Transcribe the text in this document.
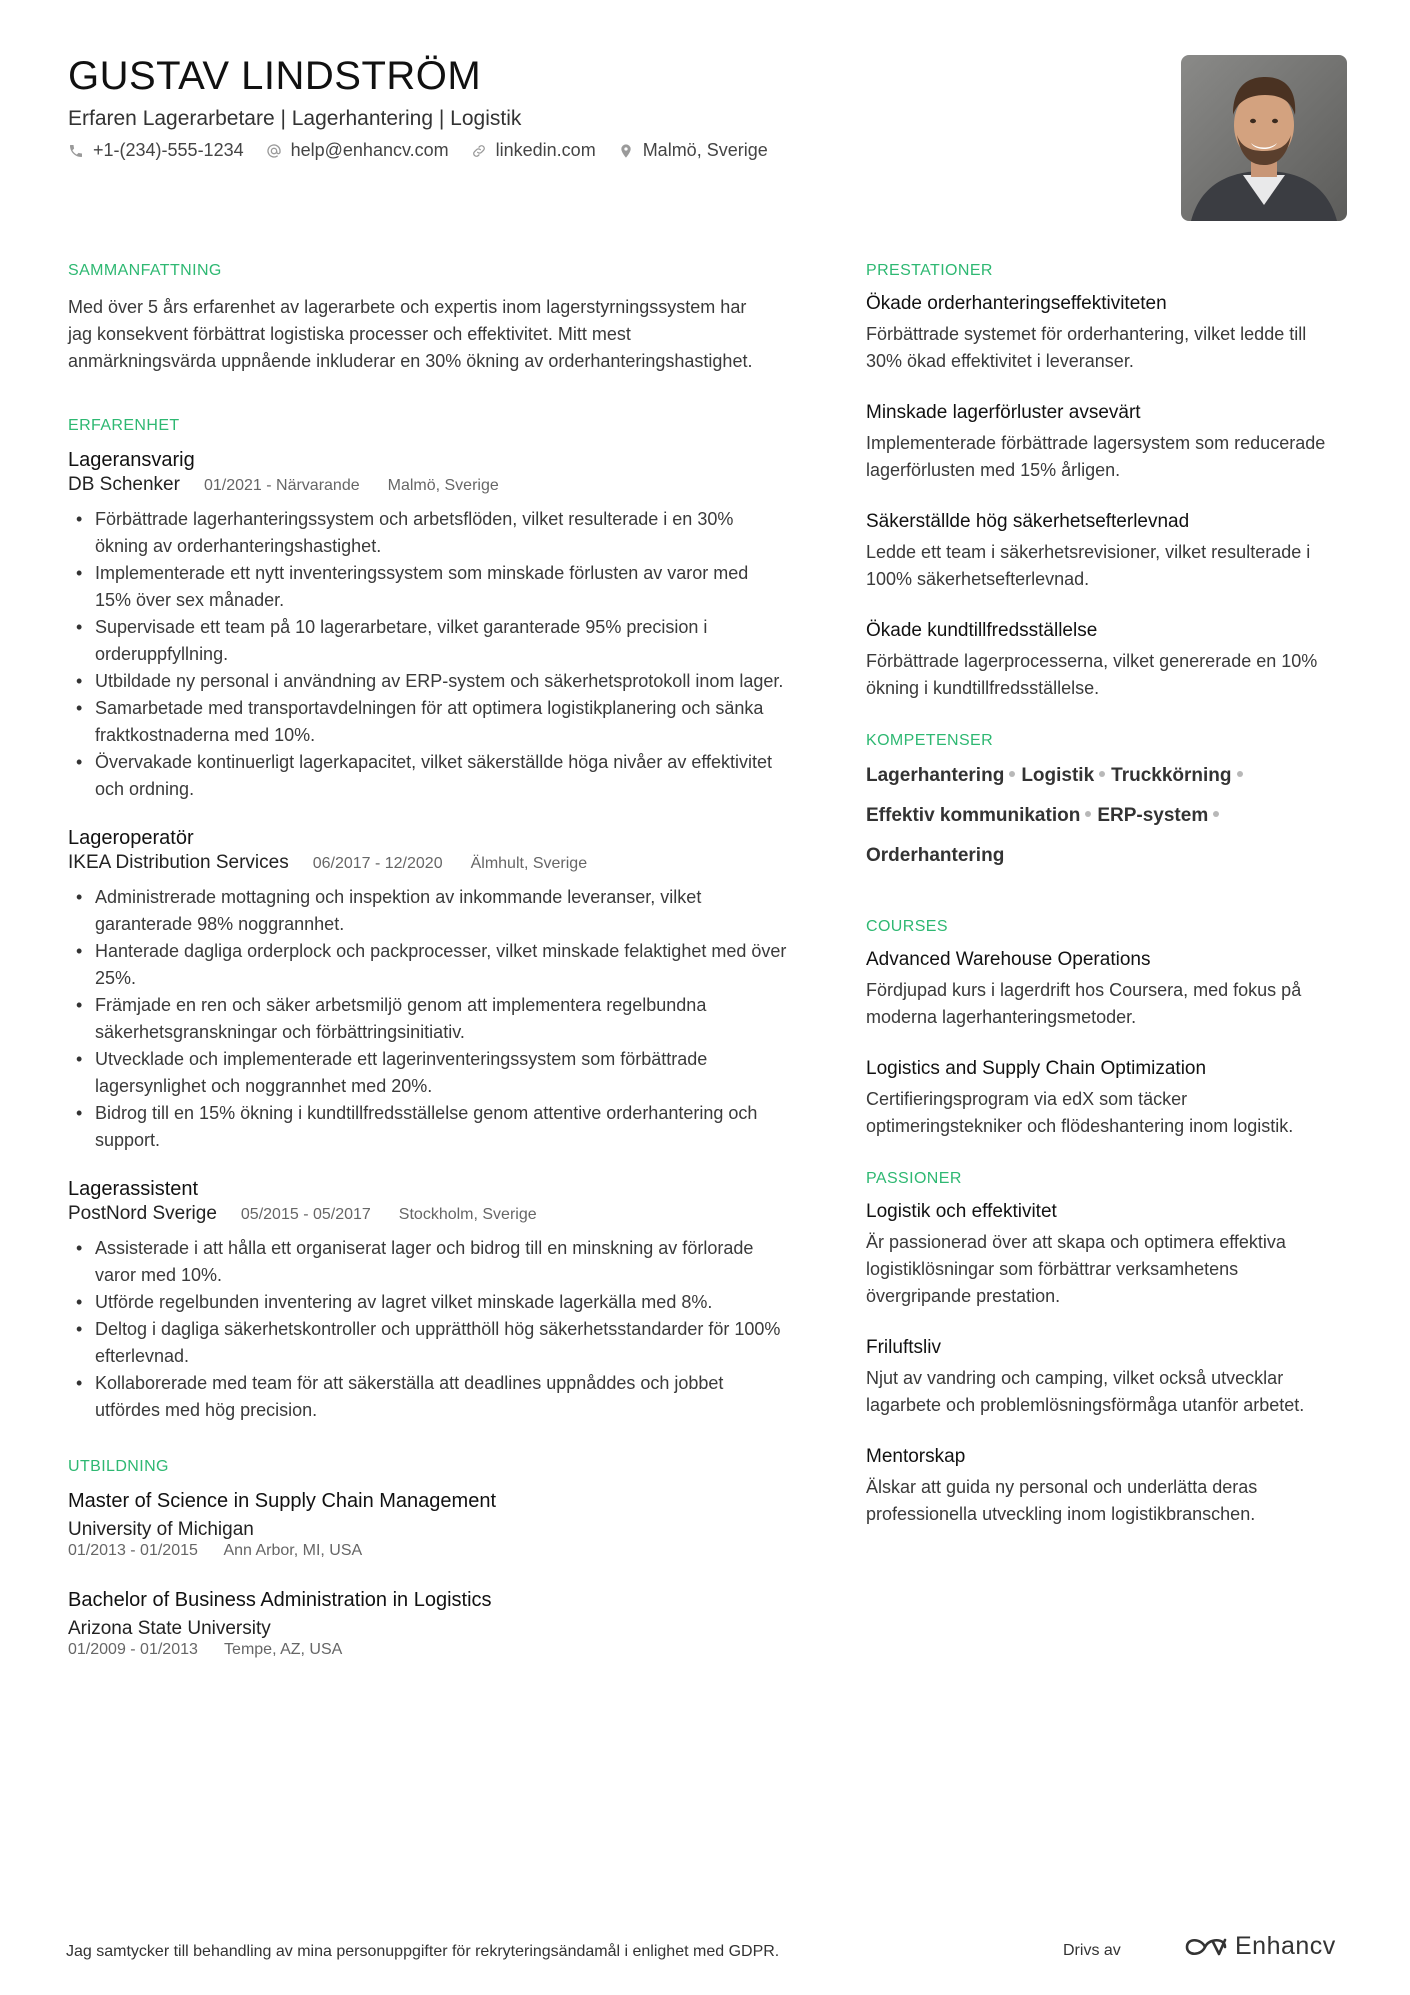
GUSTAV LINDSTRÖM
Erfaren Lagerarbetare | Lagerhantering | Logistik
+1-(234)-555-1234	help@enhancv.com	linkedin.com	Malmö, Sverige
SAMMANFATTNING
Med över 5 års erfarenhet av lagerarbete och expertis inom lagerstyrningssystem har jag konsekvent förbättrat logistiska processer och effektivitet. Mitt mest anmärkningsvärda uppnående inkluderar en 30% ökning av orderhanteringshastighet.
ERFARENHET
Lageransvarig
DB Schenker 01/2021 - Närvarande Malmö, Sverige
• Förbättrade lagerhanteringssystem och arbetsflöden, vilket resulterade i en 30% ökning av orderhanteringshastighet.
• Implementerade ett nytt inventeringssystem som minskade förlusten av varor med 15% över sex månader.
• Supervisade ett team på 10 lagerarbetare, vilket garanterade 95% precision i orderuppfyllning.
• Utbildade ny personal i användning av ERP-system och säkerhetsprotokoll inom lager.
• Samarbetade med transportavdelningen för att optimera logistikplanering och sänka fraktkostnaderna med 10%.
• Övervakade kontinuerligt lagerkapacitet, vilket säkerställde höga nivåer av effektivitet och ordning.
Lageroperatör
IKEA Distribution Services 06/2017 - 12/2020 Älmhult, Sverige
• Administrerade mottagning och inspektion av inkommande leveranser, vilket garanterade 98% noggrannhet.
• Hanterade dagliga orderplock och packprocesser, vilket minskade felaktighet med över 25%.
• Främjade en ren och säker arbetsmiljö genom att implementera regelbundna säkerhetsgranskningar och förbättringsinitiativ.
• Utvecklade och implementerade ett lagerinventeringssystem som förbättrade lagersynlighet och noggrannhet med 20%.
• Bidrog till en 15% ökning i kundtillfredsställelse genom attentive orderhantering och support.
Lagerassistent
PostNord Sverige 05/2015 - 05/2017 Stockholm, Sverige
• Assisterade i att hålla ett organiserat lager och bidrog till en minskning av förlorade varor med 10%.
• Utförde regelbunden inventering av lagret vilket minskade lagerkälla med 8%.
• Deltog i dagliga säkerhetskontroller och upprätthöll hög säkerhetsstandarder för 100% efterlevnad.
• Kollaborerade med team för att säkerställa att deadlines uppnåddes och jobbet utfördes med hög precision.
UTBILDNING
Master of Science in Supply Chain Management
University of Michigan
01/2013 - 01/2015 Ann Arbor, MI, USA
Bachelor of Business Administration in Logistics
Arizona State University
01/2009 - 01/2013 Tempe, AZ, USA
PRESTATIONER
Ökade orderhanteringseffektiviteten
Förbättrade systemet för orderhantering, vilket ledde till 30% ökad effektivitet i leveranser.
Minskade lagerförluster avsevärt
Implementerade förbättrade lagersystem som reducerade lagerförlusten med 15% årligen.
Säkerställde hög säkerhetsefterlevnad
Ledde ett team i säkerhetsrevisioner, vilket resulterade i 100% säkerhetsefterlevnad.
Ökade kundtillfredsställelse
Förbättrade lagerprocesserna, vilket genererade en 10% ökning i kundtillfredsställelse.
KOMPETENSER
Lagerhantering Logistik Truckkörning
Effektiv kommunikation ERP-system
Orderhantering
COURSES
Advanced Warehouse Operations
Fördjupad kurs i lagerdrift hos Coursera, med fokus på moderna lagerhanteringsmetoder.
Logistics and Supply Chain Optimization
Certifieringsprogram via edX som täcker optimeringstekniker och flödeshantering inom logistik.
PASSIONER
Logistik och effektivitet
Är passionerad över att skapa och optimera effektiva logistiklösningar som förbättrar verksamhetens övergripande prestation.
Friluftsliv
Njut av vandring och camping, vilket också utvecklar lagarbete och problemlösningsförmåga utanför arbetet.
Mentorskap
Älskar att guida ny personal och underlätta deras professionella utveckling inom logistikbranschen.
Jag samtycker till behandling av mina personuppgifter för rekryteringsändamål i enlighet med GDPR.	Drivs av	Enhancv
